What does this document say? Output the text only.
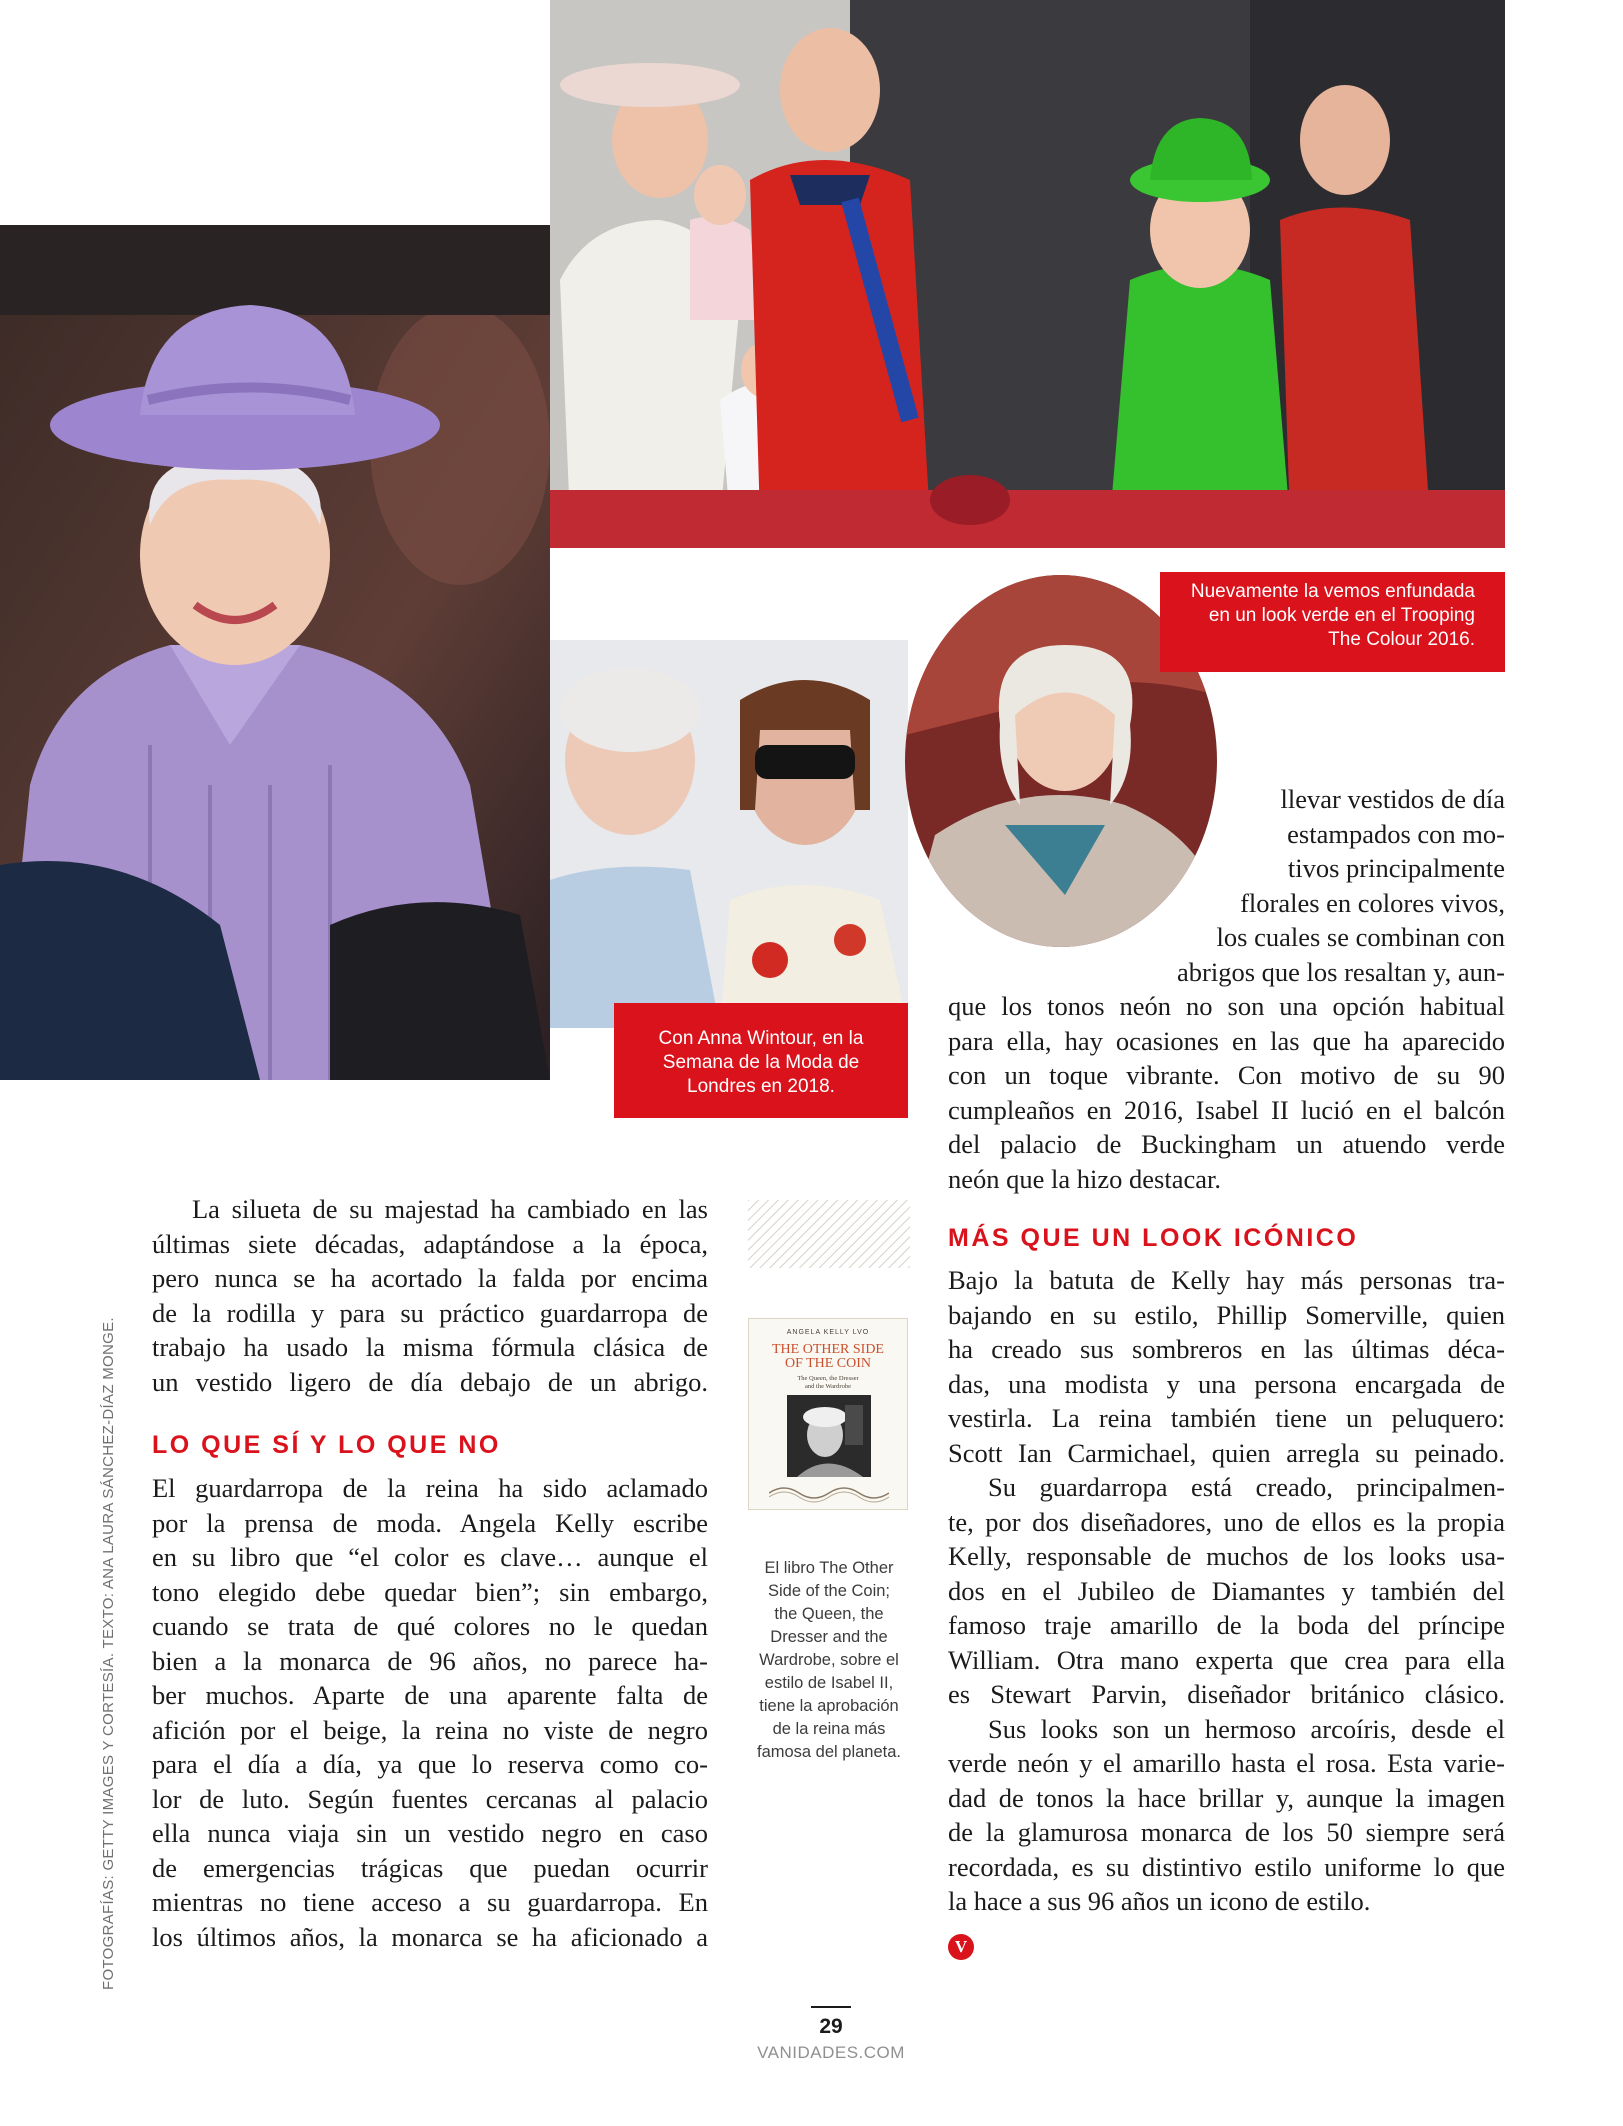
Nuevamente la vemos enfundada
en un look verde en el Trooping
The Colour 2016.
Con Anna Wintour, en la
Semana de la Moda de
Londres en 2018.
La silueta de su majestad ha cambiado en las
últimas siete décadas, adaptándose a la época,
pero nunca se ha acortado la falda por encima
de la rodilla y para su práctico guardarropa de
trabajo ha usado la misma fórmula clásica de
un vestido ligero de día debajo de un abrigo.
LO QUE SÍ Y LO QUE NO
El guardarropa de la reina ha sido aclamado
por la prensa de moda. Angela Kelly escribe
en su libro que “el color es clave… aunque el
tono elegido debe quedar bien”; sin embargo,
cuando se trata de qué colores no le quedan
bien a la monarca de 96 años, no parece ha-
ber muchos. Aparte de una aparente falta de
afición por el beige, la reina no viste de negro
para el día a día, ya que lo reserva como co-
lor de luto. Según fuentes cercanas al palacio
ella nunca viaja sin un vestido negro en caso
de emergencias trágicas que puedan ocurrir
mientras no tiene acceso a su guardarropa. En
los últimos años, la monarca se ha aficionado a
ANGELA KELLY LVO
THE OTHER SIDE
OF THE COIN
The Queen, the Dresser
and the Wardrobe
El libro The Other
Side of the Coin;
the Queen, the
Dresser and the
Wardrobe, sobre el
estilo de Isabel II,
tiene la aprobación
de la reina más
famosa del planeta.
llevar vestidos de día
estampados con mo-
tivos principalmente
florales en colores vivos,
los cuales se combinan con
abrigos que los resaltan y, aun-
que los tonos neón no son una opción habitual
para ella, hay ocasiones en las que ha aparecido
con un toque vibrante. Con motivo de su 90
cumpleaños en 2016, Isabel II lució en el balcón
del palacio de Buckingham un atuendo verde
neón que la hizo destacar.
MÁS QUE UN LOOK ICÓNICO
Bajo la batuta de Kelly hay más personas tra-
bajando en su estilo, Phillip Somerville, quien
ha creado sus sombreros en las últimas déca-
das, una modista y una persona encargada de
vestirla. La reina también tiene un peluquero:
Scott Ian Carmichael, quien arregla su peinado.
Su guardarropa está creado, principalmen-
te, por dos diseñadores, uno de ellos es la propia
Kelly, responsable de muchos de los looks usa-
dos en el Jubileo de Diamantes y también del
famoso traje amarillo de la boda del príncipe
William. Otra mano experta que crea para ella
es Stewart Parvin, diseñador británico clásico.
Sus looks son un hermoso arcoíris, desde el
verde neón y el amarillo hasta el rosa. Esta varie-
dad de tonos la hace brillar y, aunque la imagen
de la glamurosa monarca de los 50 siempre será
recordada, es su distintivo estilo uniforme lo que
la hace a sus 96 años un icono de estilo.
V
FOTOGRAFÍAS: GETTY IMAGES Y CORTESÍA. TEXTO: ANA LAURA SÁNCHEZ-DÍAZ MONGE.
29
VANIDADES.COM
